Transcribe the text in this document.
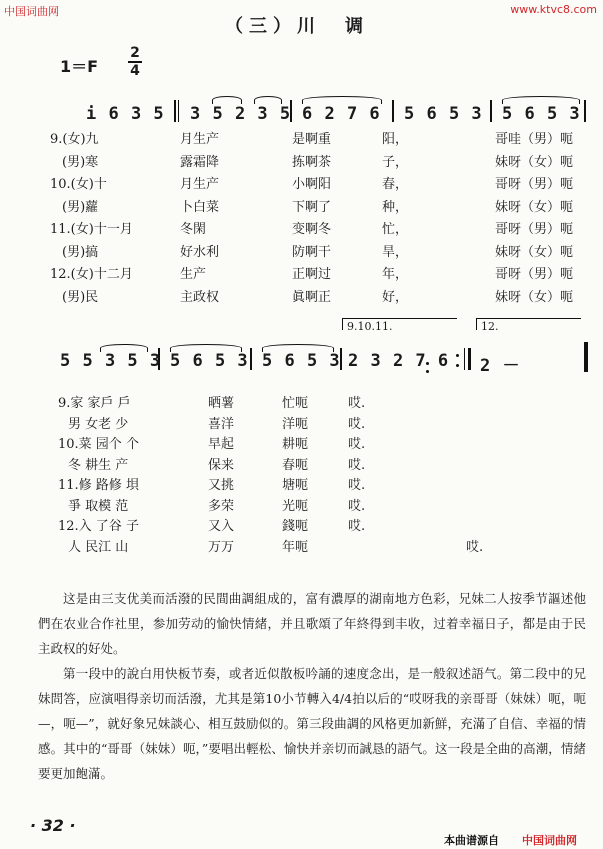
中国词曲网	www.ktvc8.com
（三）川　调
1＝F
2
4
i 6 3 5 3 5 2 3 5 6 2 7 6 5 6 5 3 5 6 5 3
9.(女)九	月生产	是啊重	阳，	哥哇（男）呃
(男)寒	露霜降	拣啊茶	子，	妹呀（女）呃
10.(女)十	月生产	小啊阳	春，	哥呀（男）呃
(男)蘿	卜白菜	下啊了	种，	妹呀（女）呃
11.(女)十一月	冬閑	变啊冬	忙，	哥呀（男）呃
(男)搞	好水利	防啊干	旱，	妹呀（女）呃
12.(女)十二月	生产	正啊过	年，	哥呀（男）呃
(男)民	主政权	眞啊正	好，	妹呀（女）呃
9.10.11.	12.
5 5 3 5 3 5 6 5 3 5 6 5 3 2 3 2 7 6 2 －
9.家 家戶 戶	晒薯	忙呃	哎.
男 女老 少	喜洋	洋呃	哎.
10.菜 园个 个	早起	耕呃	哎.
冬 耕生 产	保来	春呃	哎.
11.修 路修 垻	又挑	塘呃	哎.
爭 取模 范	多荣	光呃	哎.
12.入 了谷 子	又入	錢呃	哎.
人 民江 山	万万	年呃	哎.
这是由三支优美而活潑的民間曲調組成的，富有濃厚的湖南地方色彩，兄妹二人按季节謳述他們在农业合作社里，参加劳动的愉快情緒，并且歌頌了年終得到丰收，过着幸福日子，都是由于民主政权的好处。
第一段中的說白用快板节奏，或者近似散板吟誦的速度念出，是一般叙述語气。第二段中的兄妹問答，应演唱得亲切而活潑，尤其是第10小节轉入4/4拍以后的“哎呀我的亲哥哥（妹妹）呃，呃—，呃—”，就好象兄妹談心、相互鼓励似的。第三段曲調的风格更加新鮮，充滿了自信、幸福的情感。其中的“哥哥（妹妹）呃，”要唱出輕松、愉快并亲切而誠恳的語气。这一段是全曲的高潮，情緒要更加飽滿。
· 32 ·
本曲谱源自 中国词曲网
